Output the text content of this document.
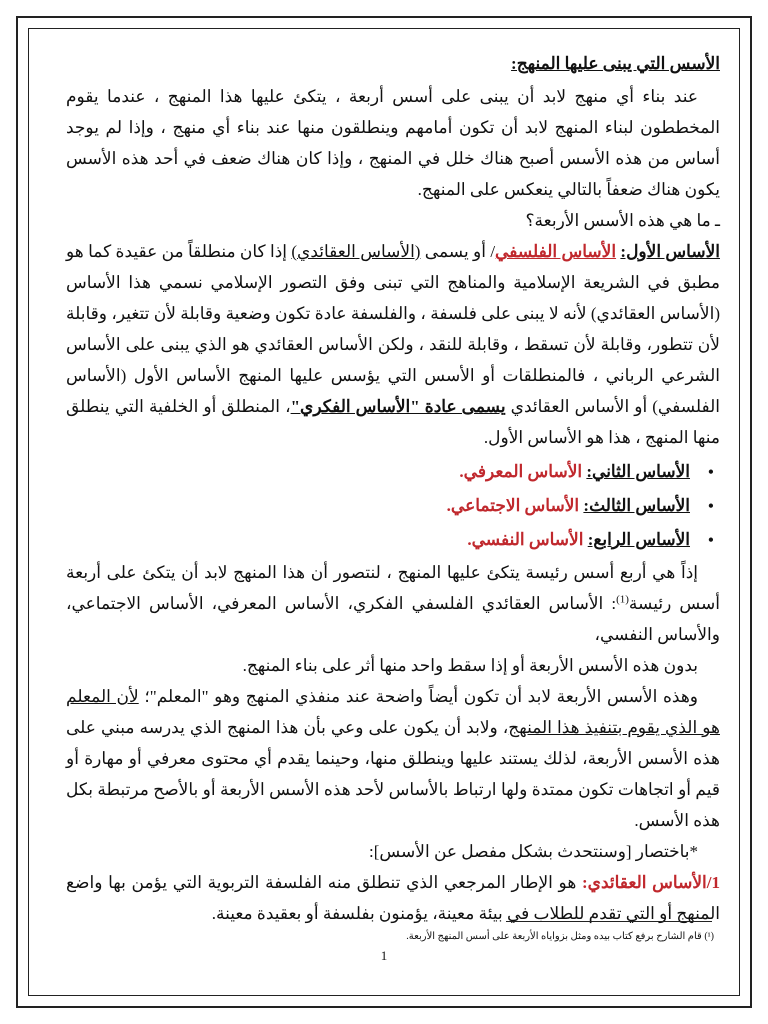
الأسس التي يبنى عليها المنهج:

عند بناء أي منهج لابد أن يبنى على أسس أربعة ، يتكئ عليها هذا المنهج ، عندما يقوم المخططون لبناء المنهج لابد أن تكون أمامهم وينطلقون منها عند بناء أي منهج ، وإذا لم يوجد أساس من هذه الأسس أصبح هناك خلل في المنهج ، وإذا كان هناك ضعف في أحد هذه الأسس يكون هناك ضعفاً بالتالي ينعكس على المنهج.

ـ ما هي هذه الأسس الأربعة؟

الأساس الأول: الأساس الفلسفي/ أو يسمى (الأساس العقائدي) إذا كان منطلقاً من عقيدة كما هو مطبق في الشريعة الإسلامية والمناهج التي تبنى وفق التصور الإسلامي نسمي هذا الأساس (الأساس العقائدي) لأنه لا يبنى على فلسفة ، والفلسفة عادة تكون وضعية وقابلة لأن تتغير، وقابلة لأن تتطور، وقابلة لأن تسقط ، وقابلة للنقد ، ولكن الأساس العقائدي هو الذي يبنى على الأساس الشرعي الرباني ، فالمنطلقات أو الأسس التي يؤسس عليها المنهج الأساس الأول (الأساس الفلسفي) أو الأساس العقائدي يسمى عادة "الأساس الفكري"، المنطلق أو الخلفية التي ينطلق منها المنهج ، هذا هو الأساس الأول.

• الأساس الثاني: الأساس المعرفي.
• الأساس الثالث: الأساس الاجتماعي.
• الأساس الرابع: الأساس النفسي.

إذاً هي أربع أسس رئيسة يتكئ عليها المنهج ، لنتصور أن هذا المنهج لابد أن يتكئ على أربعة أسس رئيسة$^{(1)}$: الأساس العقائدي الفلسفي الفكري، الأساس المعرفي، الأساس الاجتماعي، والأساس النفسي،

بدون هذه الأسس الأربعة أو إذا سقط واحد منها أثر على بناء المنهج.

وهذه الأسس الأربعة لابد أن تكون أيضاً واضحة عند منفذي المنهج وهو "المعلم"؛ لأن المعلم هو الذي يقوم بتنفيذ هذا المنهج، ولابد أن يكون على وعي بأن هذا المنهج الذي يدرسه مبني على هذه الأسس الأربعة، لذلك يستند عليها وينطلق منها، وحينما يقدم أي محتوى معرفي أو مهارة أو قيم أو اتجاهات تكون ممتدة ولها ارتباط بالأساس لأحد هذه الأسس الأربعة أو بالأصح مرتبطة بكل هذه الأسس.

*باختصار [وسنتحدث بشكل مفصل عن الأسس]:

1/الأساس العقائدي: هو الإطار المرجعي الذي تنطلق منه الفلسفة التربوية التي يؤمن بها واضع المنهج أو التي تقدم للطلاب في بيئة معينة، يؤمنون بفلسفة أو بعقيدة معينة.

(¹) قام الشارح برفع كتاب بيده ومثل بزواياه الأربعة على أسس المنهج الأربعة.
1
